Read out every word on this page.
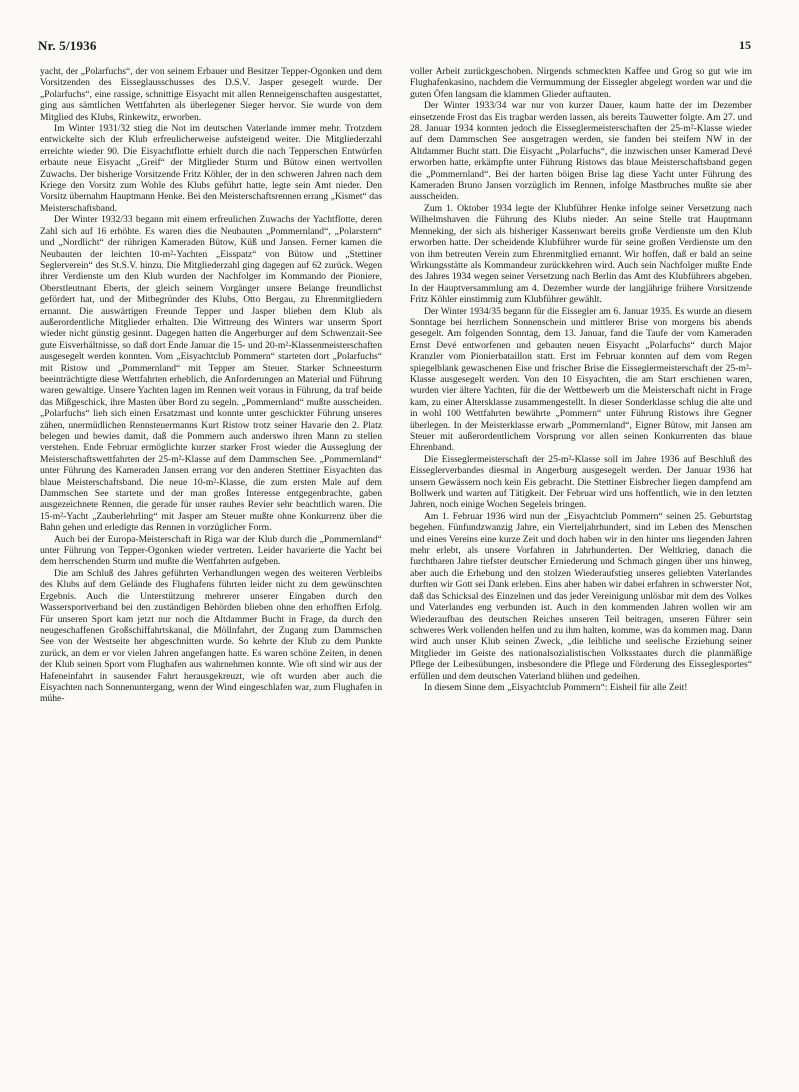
Nr. 5/1936	15

yacht, der „Polarfuchs“, der von seinem Erbauer und Besitzer Tepper-Ogonken und dem Vorsitzenden des Eisseglausschusses des D.S.V. Jasper gesegelt wurde. Der „Polarfuchs“, eine rassige, schnittige Eisyacht mit allen Renneigenschaften ausgestattet, ging aus sämtlichen Wettfahrten als überlegener Sieger hervor. Sie wurde von dem Mitglied des Klubs, Rinkewitz, erworben.

Im Winter 1931/32 stieg die Not im deutschen Vaterlande immer mehr. Trotzdem entwickelte sich der Klub erfreulicherweise aufsteigend weiter. Die Mitgliederzahl erreichte wieder 90. Die Eisyachtflotte erhielt durch die nach Tepperschen Entwürfen erbaute neue Eisyacht „Greif“ der Mitglieder Sturm und Bütow einen wertvollen Zuwachs. Der bisherige Vorsitzende Fritz Köhler, der in den schweren Jahren nach dem Kriege den Vorsitz zum Wohle des Klubs geführt hatte, legte sein Amt nieder. Den Vorsitz übernahm Hauptmann Henke. Bei den Meisterschaftsrennen errang „Kismet“ das Meisterschaftsband.

Der Winter 1932/33 begann mit einem erfreulichen Zuwachs der Yachtflotte, deren Zahl sich auf 16 erhöhte. Es waren dies die Neubauten „Pommernland“, „Polarstern“ und „Nordlicht“ der rührigen Kameraden Bütow, Küß und Jansen. Ferner kamen die Neubauten der leichten 10-m²-Yachten „Eisspatz“ von Bütow und „Stettiner Seglerverein“ des St.S.V. hinzu. Die Mitgliederzahl ging dagegen auf 62 zurück. Wegen ihrer Verdienste um den Klub wurden der Nachfolger im Kommando der Pioniere, Oberstleutnant Eberts, der gleich seinem Vorgänger unsere Belange freundlichst gefördert hat, und der Mitbegründer des Klubs, Otto Bergau, zu Ehrenmitgliedern ernannt. Die auswärtigen Freunde Tepper und Jasper blieben dem Klub als außerordentliche Mitglieder erhalten. Die Wittreung des Winters war unserm Sport wieder nicht günstig gesinnt. Dagegen hatten die Angerburger auf dem Schwenzait-See gute Eisverhältnisse, so daß dort Ende Januar die 15- und 20-m²-Klassenmeisterschaften ausgesegelt werden konnten. Vom „Eisyachtclub Pommern“ starteten dort „Polarfuchs“ mit Ristow und „Pommernland“ mit Tepper am Steuer. Starker Schneesturm beeinträchtigte diese Wettfahrten erheblich, die Anforderungen an Material und Führung waren gewaltige. Unsere Yachten lagen im Rennen weit voraus in Führung, da traf beide das Mißgeschick, ihre Masten über Bord zu segeln. „Pommernland“ mußte ausscheiden. „Polarfuchs“ lieh sich einen Ersatzmast und konnte unter geschickter Führung unseres zähen, unermüdlichen Rennsteuermanns Kurt Ristow trotz seiner Havarie den 2. Platz belegen und bewies damit, daß die Pommern auch anderswo ihren Mann zu stellen verstehen. Ende Februar ermöglichte kurzer starker Frost wieder die Ausseglung der Meisterschaftswettfahrten der 25-m²-Klasse auf dem Dammschen See. „Pommernland“ unter Führung des Kameraden Jansen errang vor den anderen Stettiner Eisyachten das blaue Meisterschaftsband. Die neue 10-m²-Klasse, die zum ersten Male auf dem Dammschen See startete und der man großes Interesse entgegenbrachte, gaben ausgezeichnete Rennen, die gerade für unser rauhes Revier sehr beachtlich waren. Die 15-m²-Yacht „Zauberlehrling“ mit Jasper am Steuer mußte ohne Konkurrenz über die Bahn gehen und erledigte das Rennen in vorzüglicher Form.

Auch bei der Europa-Meisterschaft in Riga war der Klub durch die „Pommernland“ unter Führung von Tepper-Ogonken wieder vertreten. Leider havarierte die Yacht bei dem herrschenden Sturm und mußte die Wettfahrten aufgeben.

Die am Schluß des Jahres geführten Verhandlungen wegen des weiteren Verbleibs des Klubs auf dem Gelände des Flughafens führten leider nicht zu dem gewünschten Ergebnis. Auch die Unterstützung mehrerer unserer Eingaben durch den Wassersportverband bei den zuständigen Behörden blieben ohne den erhofften Erfolg. Für unseren Sport kam jetzt nur noch die Altdammer Bucht in Frage, da durch den neugeschaffenen Großschiffahrtskanal, die Möllnfahrt, der Zugang zum Dammschen See von der Westseite her abgeschnitten wurde. So kehrte der Klub zu dem Punkte zurück, an dem er vor vielen Jahren angefangen hatte. Es waren schöne Zeiten, in denen der Klub seinen Sport vom Flughafen aus wahrnehmen konnte. Wie oft sind wir aus der Hafeneinfahrt in sausender Fahrt herausgekreuzt, wie oft wurden aber auch die Eisyachten nach Sonnenuntergang, wenn der Wind eingeschlafen war, zum Flughafen in mühe-

voller Arbeit zurückgeschoben. Nirgends schmeckten Kaffee und Grog so gut wie im Flughafenkasino, nachdem die Vermummung der Eissegler abgelegt worden war und die guten Öfen langsam die klammen Glieder auftauten.

Der Winter 1933/34 war nur von kurzer Dauer, kaum hatte der im Dezember einsetzende Frost das Eis tragbar werden lassen, als bereits Tauwetter folgte. Am 27. und 28. Januar 1934 konnten jedoch die Eisseglermeisterschaften der 25-m²-Klasse wieder auf dem Dammschen See ausgetragen werden, sie fanden bei steifem NW in der Altdammer Bucht statt. Die Eisyacht „Polarfuchs“, die inzwischen unser Kamerad Devé erworben hatte, erkämpfte unter Führung Ristows das blaue Meisterschaftsband gegen die „Pommernland“. Bei der harten böigen Brise lag diese Yacht unter Führung des Kameraden Bruno Jansen vorzüglich im Rennen, infolge Mastbruches mußte sie aber ausscheiden.

Zum 1. Oktober 1934 legte der Klubführer Henke infolge seiner Versetzung nach Wilhelmshaven die Führung des Klubs nieder. An seine Stelle trat Hauptmann Menneking, der sich als bisheriger Kassenwart bereits große Verdienste um den Klub erworben hatte. Der scheidende Klubführer wurde für seine großen Verdienste um den von ihm betreuten Verein zum Ehrenmitglied ernannt. Wir hoffen, daß er bald an seine Wirkungsstätte als Kommandeur zurückkehren wird. Auch sein Nachfolger mußte Ende des Jahres 1934 wegen seiner Versetzung nach Berlin das Amt des Klubführers abgeben. In der Hauptversammlung am 4. Dezember wurde der langjährige frühere Vorsitzende Fritz Köhler einstimmig zum Klubführer gewählt.

Der Winter 1934/35 begann für die Eissegler am 6. Januar 1935. Es wurde an diesem Sonntage bei herrlichem Sonnenschein und mittlerer Brise von morgens bis abends gesegelt. Am folgenden Sonntag, dem 13. Januar, fand die Taufe der vom Kameraden Ernst Devé entworfenen und gebauten neuen Eisyacht „Polarfuchs“ durch Major Kranzler vom Pionierbataillon statt. Erst im Februar konnten auf dem vom Regen spiegelblank gewaschenen Eise und frischer Brise die Eisseglermeisterschaft der 25-m²-Klasse ausgesegelt werden. Von den 10 Eisyachten, die am Start erschienen waren, wurden vier ältere Yachten, für die der Wettbewerb um die Meisterschaft nicht in Frage kam, zu einer Altersklasse zusammengestellt. In dieser Sonderklasse schlug die alte und in wohl 100 Wettfahrten bewährte „Pommern“ unter Führung Ristows ihre Gegner überlegen. In der Meisterklasse erwarb „Pommernland“, Eigner Bütow, mit Jansen am Steuer mit außerordentlichem Vorsprung vor allen seinen Konkurrenten das blaue Ehrenband.

Die Eisseglermeisterschaft der 25-m²-Klasse soll im Jahre 1936 auf Beschluß des Eisseglerverbandes diesmal in Angerburg ausgesegelt werden. Der Januar 1936 hat unsern Gewässern noch kein Eis gebracht. Die Stettiner Eisbrecher liegen dampfend am Bollwerk und warten auf Tätigkeit. Der Februar wird uns hoffentlich, wie in den letzten Jahren, noch einige Wochen Segeleis bringen.

Am 1. Februar 1936 wird nun der „Eisyachtclub Pommern“ seinen 25. Geburtstag begehen. Fünfundzwanzig Jahre, ein Vierteljahrhundert, sind im Leben des Menschen und eines Vereins eine kurze Zeit und doch haben wir in den hinter uns liegenden Jahren mehr erlebt, als unsere Vorfahren in Jahrhunderten. Der Weltkrieg, danach die furchtbaren Jahre tiefster deutscher Erniederung und Schmach gingen über uns hinweg, aber auch die Erhebung und den stolzen Wiederaufstieg unseres geliebten Vaterlandes durften wir Gott sei Dank erleben. Eins aber haben wir dabei erfahren in schwerster Not, daß das Schicksal des Einzelnen und das jeder Vereinigung unlösbar mit dem des Volkes und Vaterlandes eng verbunden ist. Auch in den kommenden Jahren wollen wir am Wiederaufbau des deutschen Reiches unseren Teil beitragen, unseren Führer sein schweres Werk vollenden helfen und zu ihm halten, komme, was da kommen mag. Dann wird auch unser Klub seinen Zweck, „die leibliche und seelische Erziehung seiner Mitglieder im Geiste des nationalsozialistischen Volksstaates durch die planmäßige Pflege der Leibesübungen, insbesondere die Pflege und Förderung des Eisseglesportes“ erfüllen und dem deutschen Vaterland blühen und gedeihen.

In diesem Sinne dem „Eisyachtclub Pommern“: Eisheil für alle Zeit!
